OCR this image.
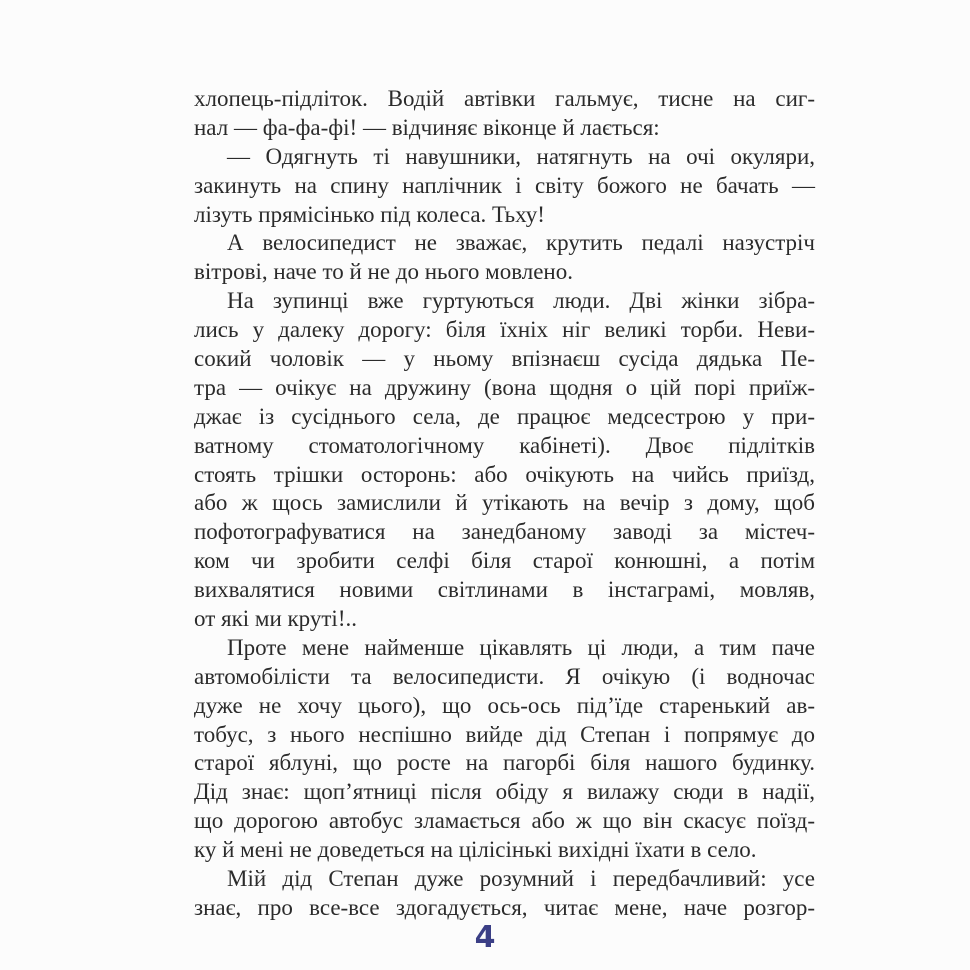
хлопець-підліток. Водій автівки гальмує, тисне на сиг-
нал — фа-фа-фі! — відчиняє віконце й лається:
— Одягнуть ті навушники, натягнуть на очі окуляри,
закинуть на спину наплічник і світу божого не бачать —
лізуть прямісінько під колеса. Тьху!
А велосипедист не зважає, крутить педалі назустріч
вітрові, наче то й не до нього мовлено.
На зупинці вже гуртуються люди. Дві жінки зібра-
лись у далеку дорогу: біля їхніх ніг великі торби. Неви-
сокий чоловік — у ньому впізнаєш сусіда дядька Пе-
тра — очікує на дружину (вона щодня о цій порі приїж-
джає із сусіднього села, де працює медсестрою у при-
ватному стоматологічному кабінеті). Двоє підлітків
стоять трішки осторонь: або очікують на чийсь приїзд,
або ж щось замислили й утікають на вечір з дому, щоб
пофотографуватися на занедбаному заводі за містеч-
ком чи зробити селфі біля старої конюшні, а потім
вихвалятися новими світлинами в інстаграмі, мовляв,
от які ми круті!..
Проте мене найменше цікавлять ці люди, а тим паче
автомобілісти та велосипедисти. Я очікую (і водночас
дуже не хочу цього), що ось-ось під’їде старенький ав-
тобус, з нього неспішно вийде дід Степан і попрямує до
старої яблуні, що росте на пагорбі біля нашого будинку.
Дід знає: щоп’ятниці після обіду я вилажу сюди в надії,
що дорогою автобус зламається або ж що він скасує поїзд-
ку й мені не доведеться на цілісінькі вихідні їхати в село.
Мій дід Степан дуже розумний і передбачливий: усе
знає, про все-все здогадується, читає мене, наче розгор-
4
